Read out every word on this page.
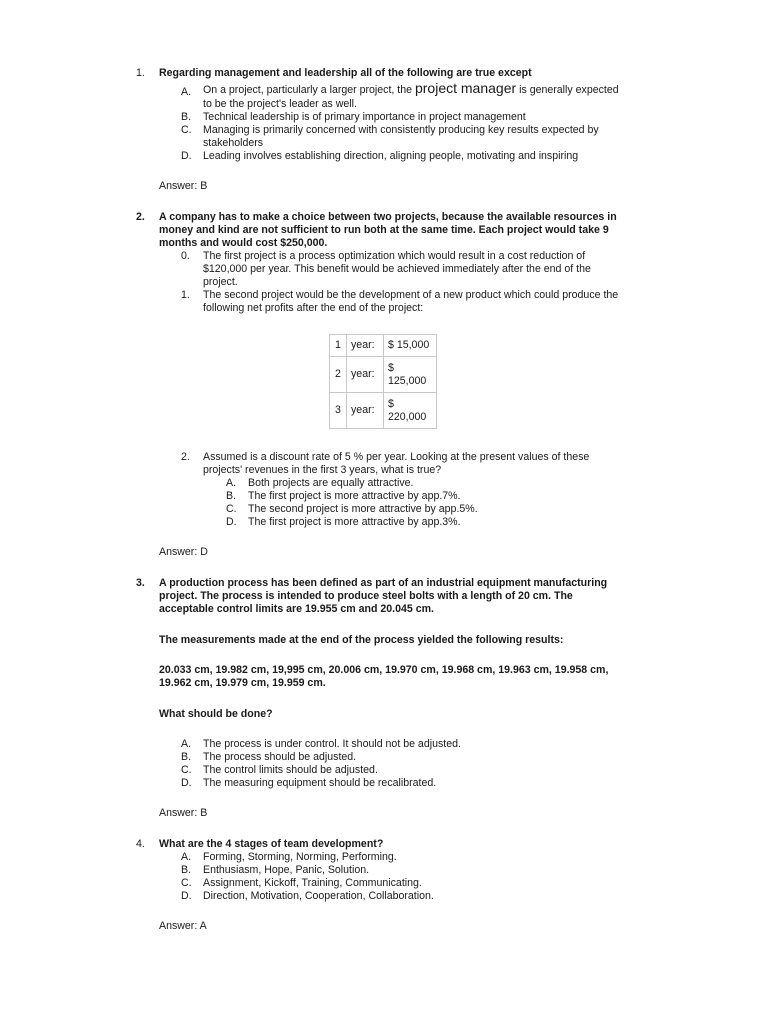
1. Regarding management and leadership all of the following are true except
A. On a project, particularly a larger project, the project manager is generally expected
to be the project's leader as well.
B. Technical leadership is of primary importance in project management
C. Managing is primarily concerned with consistently producing key results expected by
stakeholders
D. Leading involves establishing direction, aligning people, motivating and inspiring
Answer: B
2. A company has to make a choice between two projects, because the available resources in
money and kind are not sufficient to run both at the same time. Each project would take 9
months and would cost $250,000.
0. The first project is a process optimization which would result in a cost reduction of
$120,000 per year. This benefit would be achieved immediately after the end of the
project.
1. The second project would be the development of a new product which could produce the
following net profits after the end of the project:
1	year:	$ 15,000
2	year:	$
125,000

3	year:	$
220,000
2. Assumed is a discount rate of 5 % per year. Looking at the present values of these
projects' revenues in the first 3 years, what is true?
A. Both projects are equally attractive.
B. The first project is more attractive by app.7%.
C. The second project is more attractive by app.5%.
D. The first project is more attractive by app.3%.
Answer: D
3. A production process has been defined as part of an industrial equipment manufacturing
project. The process is intended to produce steel bolts with a length of 20 cm. The
acceptable control limits are 19.955 cm and 20.045 cm.
The measurements made at the end of the process yielded the following results:
20.033 cm, 19.982 cm, 19,995 cm, 20.006 cm, 19.970 cm, 19.968 cm, 19.963 cm, 19.958 cm,
19.962 cm, 19.979 cm, 19.959 cm.
What should be done?
A. The process is under control. It should not be adjusted.
B. The process should be adjusted.
C. The control limits should be adjusted.
D. The measuring equipment should be recalibrated.
Answer: B
4. What are the 4 stages of team development?
A. Forming, Storming, Norming, Performing.
B. Enthusiasm, Hope, Panic, Solution.
C. Assignment, Kickoff, Training, Communicating.
D. Direction, Motivation, Cooperation, Collaboration.
Answer: A
